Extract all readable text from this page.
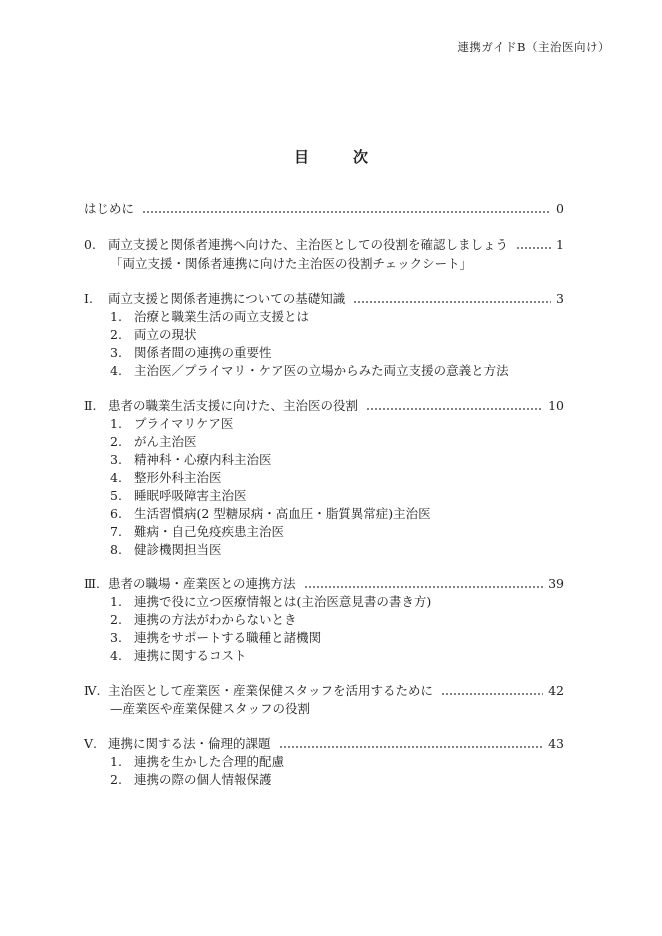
連携ガイドB（主治医向け）
目	次
はじめに	0
0. 両立支援と関係者連携へ向けた、主治医としての役割を確認しましょう	1
「両立支援・関係者連携に向けた主治医の役割チェックシート」
Ⅰ. 両立支援と関係者連携についての基礎知識	3
1. 治療と職業生活の両立支援とは
2. 両立の現状
3. 関係者間の連携の重要性
4. 主治医／プライマリ・ケア医の立場からみた両立支援の意義と方法
Ⅱ. 患者の職業生活支援に向けた、主治医の役割	10
1. プライマリケア医
2. がん主治医
3. 精神科・心療内科主治医
4. 整形外科主治医
5. 睡眠呼吸障害主治医
6. 生活習慣病(2 型糖尿病・高血圧・脂質異常症)主治医
7. 難病・自己免疫疾患主治医
8. 健診機関担当医
Ⅲ. 患者の職場・産業医との連携方法	39
1. 連携で役に立つ医療情報とは(主治医意見書の書き方)
2. 連携の方法がわからないとき
3. 連携をサポートする職種と諸機関
4. 連携に関するコスト
Ⅳ. 主治医として産業医・産業保健スタッフを活用するために	42
—産業医や産業保健スタッフの役割
Ⅴ. 連携に関する法・倫理的課題	43
1. 連携を生かした合理的配慮
2. 連携の際の個人情報保護
